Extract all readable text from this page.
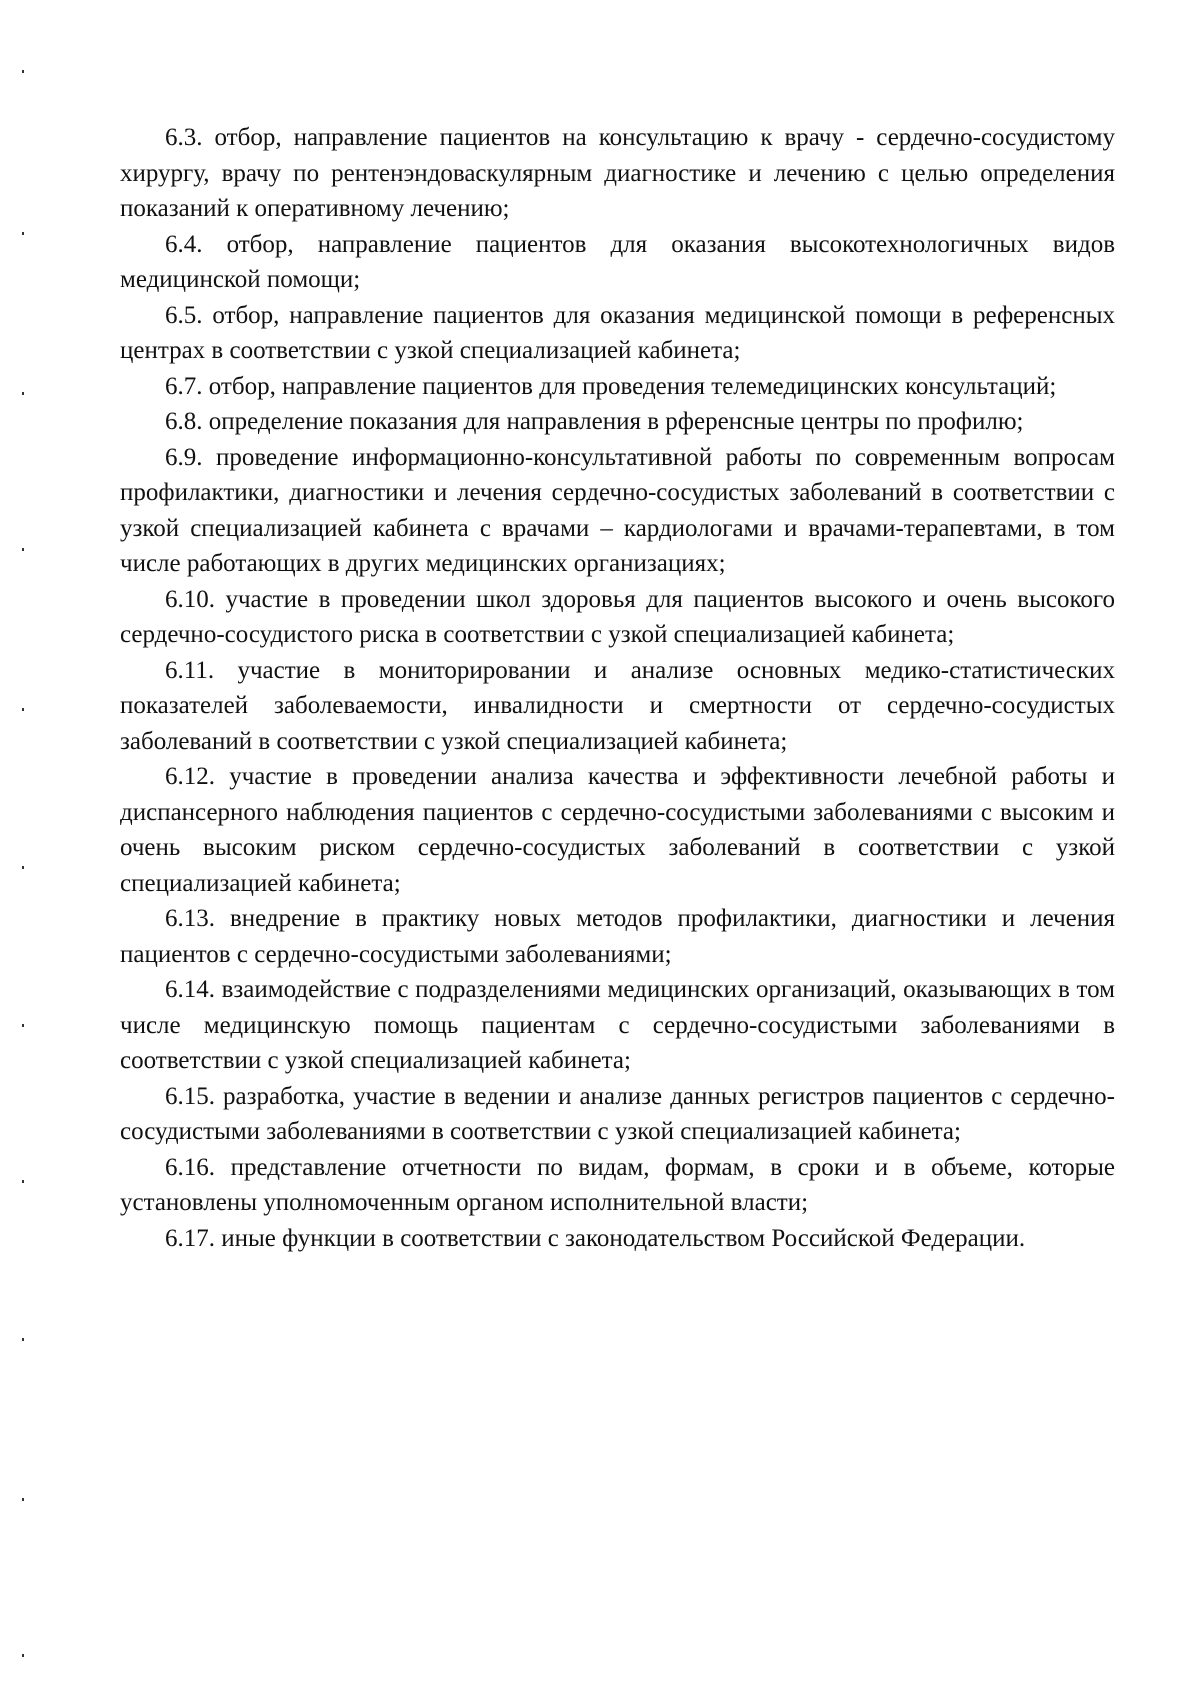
6.3. отбор, направление пациентов на консультацию к врачу - сердечно-сосудистому хирургу, врачу по рентенэндоваскулярным диагностике и лечению с целью определения показаний к оперативному лечению;

6.4. отбор, направление пациентов для оказания высокотехнологичных видов медицинской помощи;

6.5. отбор, направление пациентов для оказания медицинской помощи в референсных центрах в соответствии с узкой специализацией кабинета;

6.7. отбор, направление пациентов для проведения телемедицинских консультаций;

6.8. определение показания для направления в рференсные центры по профилю;

6.9. проведение информационно-консультативной работы по современным вопросам профилактики, диагностики и лечения сердечно-сосудистых заболеваний в соответствии с узкой специализацией кабинета с врачами – кардиологами и врачами-терапевтами, в том числе работающих в других медицинских организациях;

6.10. участие в проведении школ здоровья для пациентов высокого и очень высокого сердечно-сосудистого риска в соответствии с узкой специализацией кабинета;

6.11. участие в мониторировании и анализе основных медико-статистических показателей заболеваемости, инвалидности и смертности от сердечно-сосудистых заболеваний в соответствии с узкой специализацией кабинета;

6.12. участие в проведении анализа качества и эффективности лечебной работы и диспансерного наблюдения пациентов с сердечно-сосудистыми заболеваниями с высоким и очень высоким риском сердечно-сосудистых заболеваний в соответствии с узкой специализацией кабинета;

6.13. внедрение в практику новых методов профилактики, диагностики и лечения пациентов с сердечно-сосудистыми заболеваниями;

6.14. взаимодействие с подразделениями медицинских организаций, оказывающих в том числе медицинскую помощь пациентам с сердечно-сосудистыми заболеваниями в соответствии с узкой специализацией кабинета;

6.15. разработка, участие в ведении и анализе данных регистров пациентов с сердечно-сосудистыми заболеваниями в соответствии с узкой специализацией кабинета;

6.16. представление отчетности по видам, формам, в сроки и в объеме, которые установлены уполномоченным органом исполнительной власти;

6.17. иные функции в соответствии с законодательством Российской Федерации.
